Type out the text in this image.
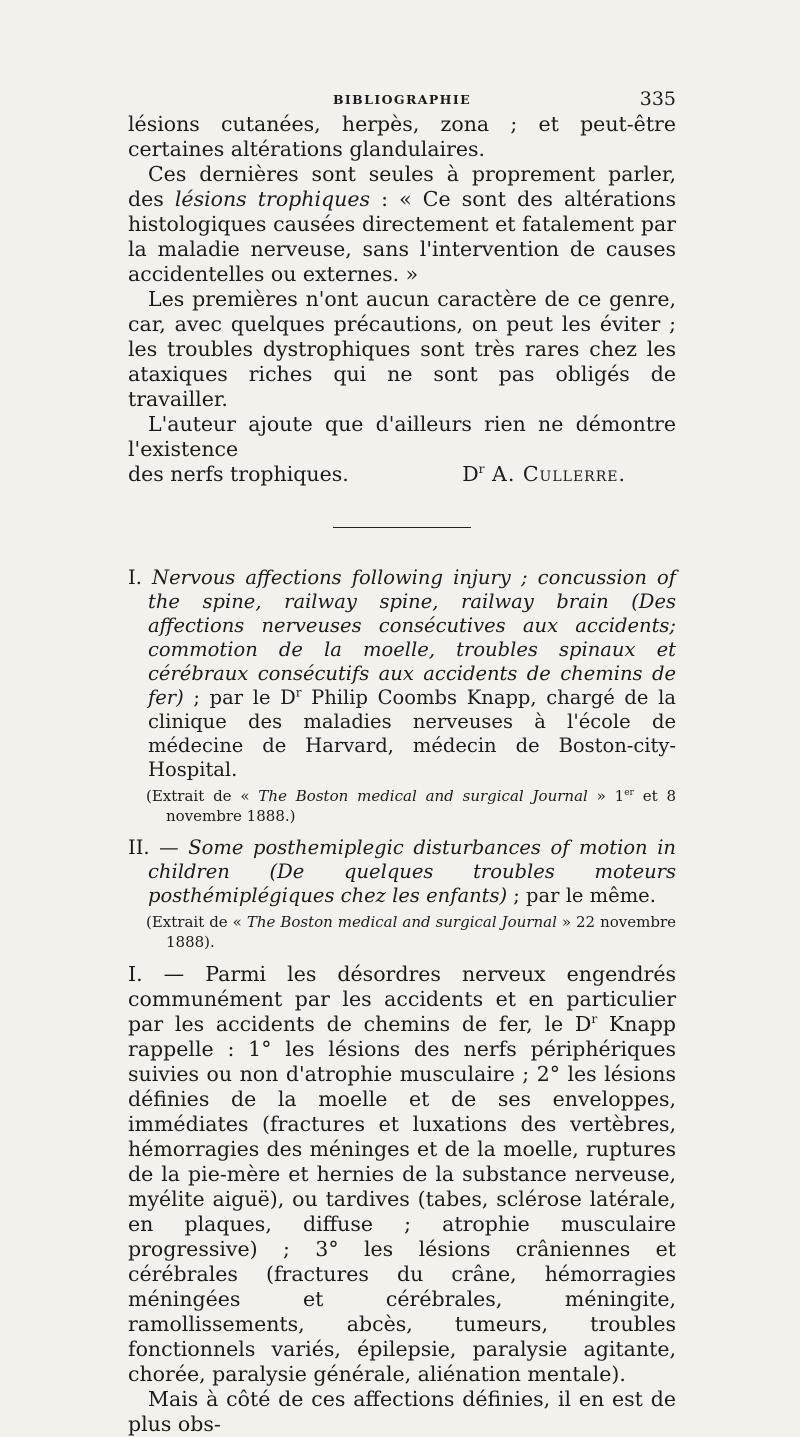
BIBLIOGRAPHIE	335

lésions cutanées, herpès, zona ; et peut-être certaines altérations glandulaires.

Ces dernières sont seules à proprement parler, des lésions trophiques : « Ce sont des altérations histologiques causées directement et fatalement par la maladie nerveuse, sans l'intervention de causes accidentelles ou externes. »

Les premières n'ont aucun caractère de ce genre, car, avec quelques précautions, on peut les éviter ; les troubles dystrophiques sont très rares chez les ataxiques riches qui ne sont pas obligés de travailler.

L'auteur ajoute que d'ailleurs rien ne démontre l'existence

des nerfs trophiques.	$D^r$ A. Cullerre.

I. Nervous affections following injury ; concussion of the spine, railway spine, railway brain (Des affections nerveuses consécutives aux accidents; commotion de la moelle, troubles spinaux et cérébraux consécutifs aux accidents de chemins de fer) ; par le $D^r$ Philip Coombs Knapp, chargé de la clinique des maladies nerveuses à l'école de médecine de Harvard, médecin de Boston-city-Hospital.

(Extrait de « The Boston medical and surgical Journal » 1er et 8 novembre 1888.)

II. — Some posthemiplegic disturbances of motion in children (De quelques troubles moteurs posthémiplégiques chez les enfants) ; par le même.

(Extrait de « The Boston medical and surgical Journal » 22 novembre 1888).

I. — Parmi les désordres nerveux engendrés communément par les accidents et en particulier par les accidents de chemins de fer, le $D^r$ Knapp rappelle : 1° les lésions des nerfs périphériques suivies ou non d'atrophie musculaire ; 2° les lésions définies de la moelle et de ses enveloppes, immédiates (fractures et luxations des vertèbres, hémorragies des méninges et de la moelle, ruptures de la pie-mère et hernies de la substance nerveuse, myélite aiguë), ou tardives (tabes, sclérose latérale, en plaques, diffuse ; atrophie musculaire progressive) ; 3° les lésions crâniennes et cérébrales (fractures du crâne, hémorragies méningées et cérébrales, méningite, ramollissements, abcès, tumeurs, troubles fonctionnels variés, épilepsie, paralysie agitante, chorée, paralysie générale, aliénation mentale).

Mais à côté de ces affections définies, il en est de plus obs-
